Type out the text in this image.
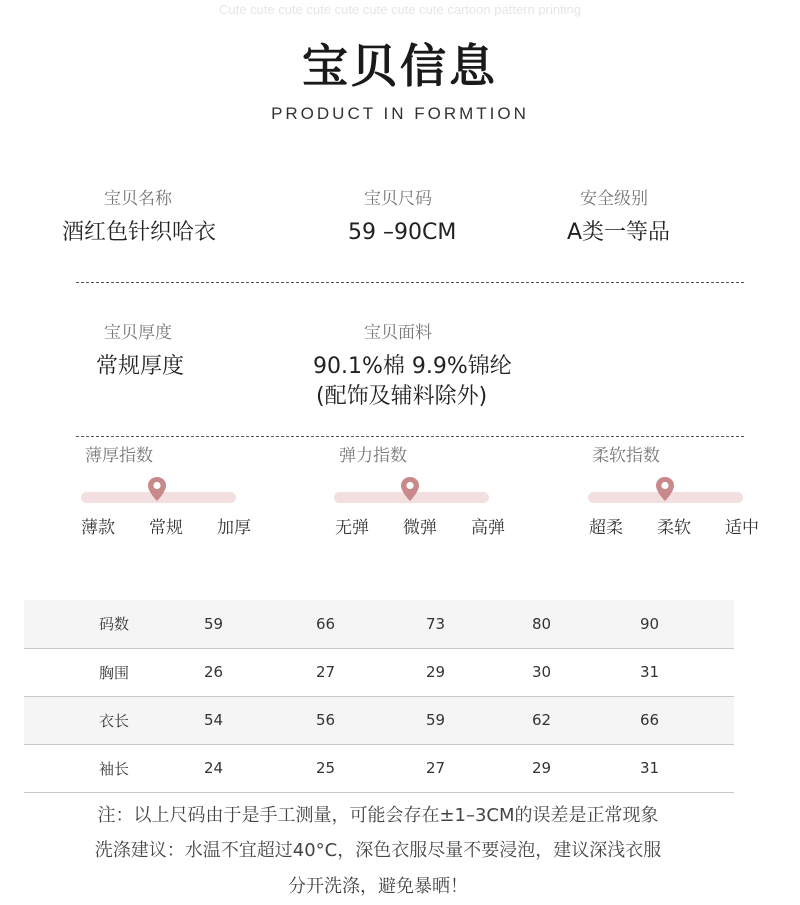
Cute cute cute cute cute cute cute cute cartoon pattern printing
宝贝信息
PRODUCT IN FORMTION
宝贝名称
酒红色针织哈衣
宝贝尺码
59 –90CM
安全级别
A类一等品
宝贝厚度
常规厚度
宝贝面料
90.1%棉 9.9%锦纶
(配饰及辅料除外)
薄厚指数
薄款 常规 加厚
弹力指数
无弹 微弹 高弹
柔软指数
超柔 柔软 适中
码数	59	66	73	80	90
胸围	26	27	29	30	31
衣长	54	56	59	62	66
袖长	24	25	27	29	31
注：以上尺码由于是手工测量，可能会存在±1–3CM的误差是正常现象
洗涤建议：水温不宜超过40°C，深色衣服尽量不要浸泡，建议深浅衣服
分开洗涤，避免暴晒！
